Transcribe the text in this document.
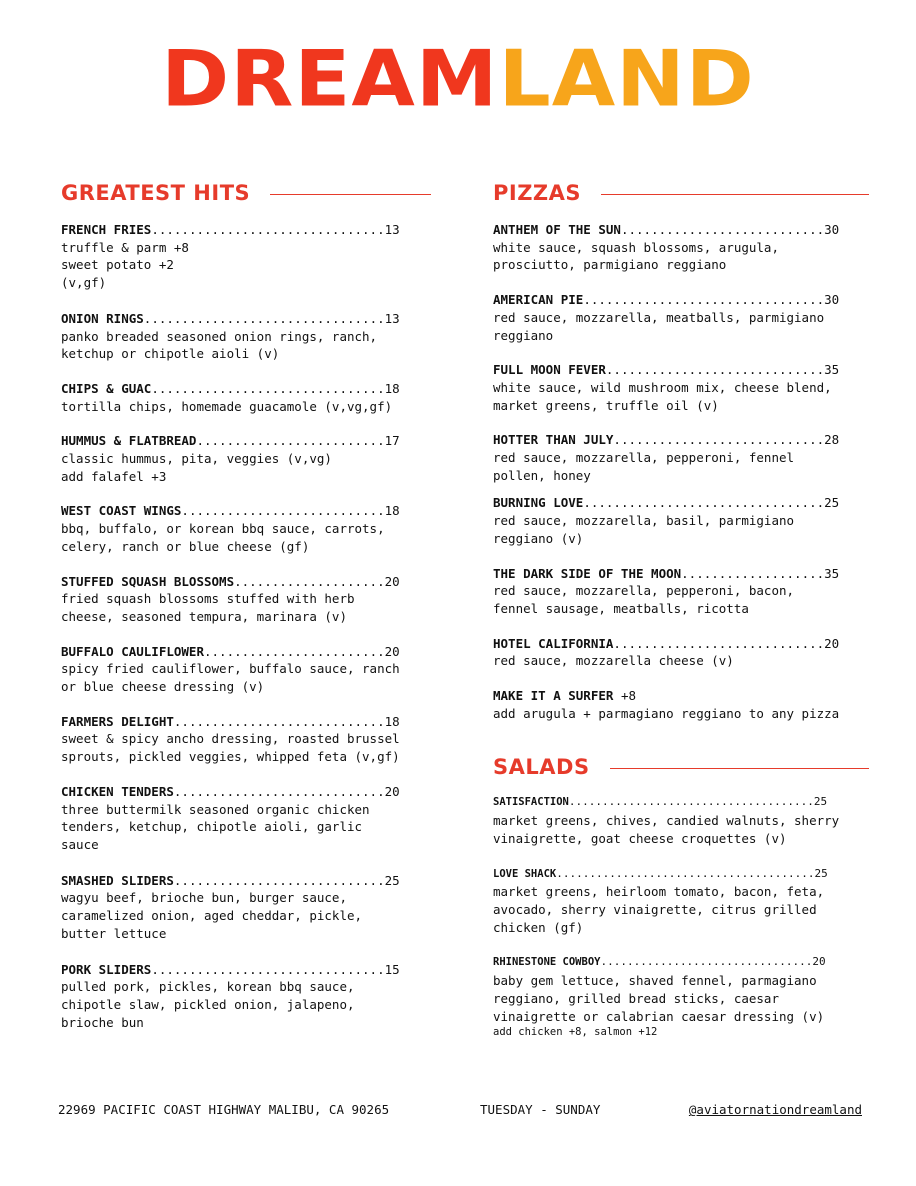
DREAMLAND
GREATEST HITS
FRENCH FRIES...............................13
truffle & parm +8
sweet potato +2
(v,gf)
ONION RINGS................................13
panko breaded seasoned onion rings, ranch,
ketchup or chipotle aioli (v)
CHIPS & GUAC...............................18
tortilla chips, homemade guacamole (v,vg,gf)
HUMMUS & FLATBREAD.........................17
classic hummus, pita, veggies (v,vg)
add falafel +3
WEST COAST WINGS...........................18
bbq, buffalo, or korean bbq sauce, carrots,
celery, ranch or blue cheese (gf)
STUFFED SQUASH BLOSSOMS....................20
fried squash blossoms stuffed with herb
cheese, seasoned tempura, marinara (v)
BUFFALO CAULIFLOWER........................20
spicy fried cauliflower, buffalo sauce, ranch
or blue cheese dressing (v)
FARMERS DELIGHT............................18
sweet & spicy ancho dressing, roasted brussel
sprouts, pickled veggies, whipped feta (v,gf)
CHICKEN TENDERS............................20
three buttermilk seasoned organic chicken
tenders, ketchup, chipotle aioli, garlic
sauce
SMASHED SLIDERS............................25
wagyu beef, brioche bun, burger sauce,
caramelized onion, aged cheddar, pickle,
butter lettuce
PORK SLIDERS...............................15
pulled pork, pickles, korean bbq sauce,
chipotle slaw, pickled onion, jalapeno,
brioche bun
PIZZAS
ANTHEM OF THE SUN...........................30
white sauce, squash blossoms, arugula,
prosciutto, parmigiano reggiano
AMERICAN PIE................................30
red sauce, mozzarella, meatballs, parmigiano
reggiano
FULL MOON FEVER.............................35
white sauce, wild mushroom mix, cheese blend,
market greens, truffle oil (v)
HOTTER THAN JULY............................28
red sauce, mozzarella, pepperoni, fennel
pollen, honey
BURNING LOVE................................25
red sauce, mozzarella, basil, parmigiano
reggiano (v)
THE DARK SIDE OF THE MOON...................35
red sauce, mozzarella, pepperoni, bacon,
fennel sausage, meatballs, ricotta
HOTEL CALIFORNIA............................20
red sauce, mozzarella cheese (v)
MAKE IT A SURFER +8
add arugula + parmagiano reggiano to any pizza
SALADS
SATISFACTION.....................................25
market greens, chives, candied walnuts, sherry
vinaigrette, goat cheese croquettes (v)
LOVE SHACK.......................................25
market greens, heirloom tomato, bacon, feta,
avocado, sherry vinaigrette, citrus grilled
chicken (gf)
RHINESTONE COWBOY................................20
baby gem lettuce, shaved fennel, parmagiano
reggiano, grilled bread sticks, caesar
vinaigrette or calabrian caesar dressing (v)
add chicken +8, salmon +12
22969 PACIFIC COAST HIGHWAY MALIBU, CA 90265	TUESDAY - SUNDAY	@aviatornationdreamland
